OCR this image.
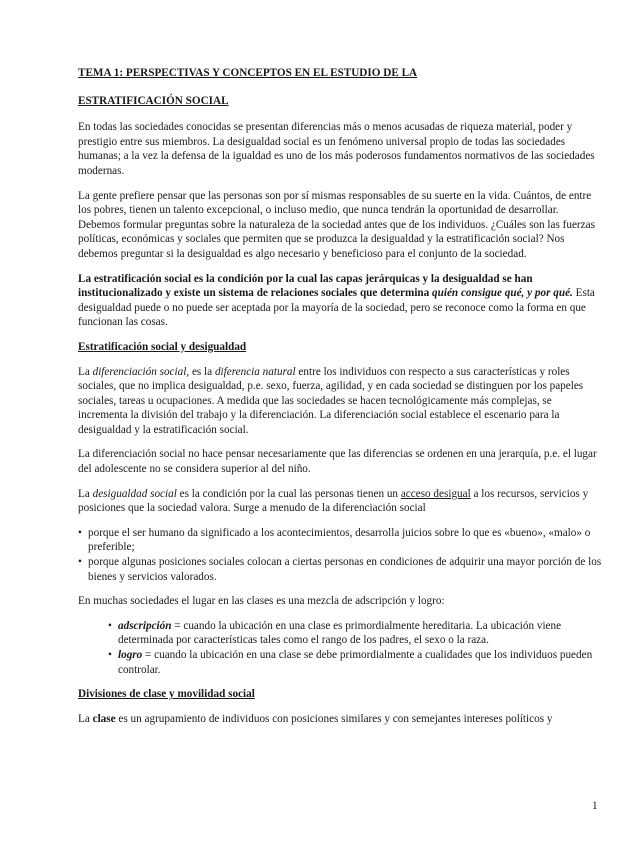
TEMA 1: PERSPECTIVAS Y CONCEPTOS EN EL ESTUDIO DE LA
ESTRATIFICACIÓN SOCIAL

En todas las sociedades conocidas se presentan diferencias más o menos acusadas de riqueza material, poder y prestigio entre sus miembros. La desigualdad social es un fenómeno universal propio de todas las sociedades humanas; a la vez la defensa de la igualdad es uno de los más poderosos fundamentos normativos de las sociedades modernas.

La gente prefiere pensar que las personas son por sí mismas responsables de su suerte en la vida. Cuántos, de entre los pobres, tienen un talento excepcional, o incluso medio, que nunca tendrán la oportunidad de desarrollar. Debemos formular preguntas sobre la naturaleza de la sociedad antes que de los individuos. ¿Cuáles son las fuerzas políticas, económicas y sociales que permiten que se produzca la desigualdad y la estratificación social? Nos debemos preguntar si la desigualdad es algo necesario y beneficioso para el conjunto de la sociedad.

La estratificación social es la condición por la cual las capas jerárquicas y la desigualdad se han institucionalizado y existe un sistema de relaciones sociales que determina quién consigue qué, y por qué. Esta desigualdad puede o no puede ser aceptada por la mayoría de la sociedad, pero se reconoce como la forma en que funcionan las cosas.

Estratificación social y desigualdad

La diferenciación social, es la diferencia natural entre los individuos con respecto a sus características y roles sociales, que no implica desigualdad, p.e. sexo, fuerza, agilidad, y en cada sociedad se distinguen por los papeles sociales, tareas u ocupaciones. A medida que las sociedades se hacen tecnológicamente más complejas, se incrementa la división del trabajo y la diferenciación. La diferenciación social establece el escenario para la desigualdad y la estratificación social.

La diferenciación social no hace pensar necesariamente que las diferencias se ordenen en una jerarquía, p.e. el lugar del adolescente no se considera superior al del niño.

La desigualdad social es la condición por la cual las personas tienen un acceso desigual a los recursos, servicios y posiciones que la sociedad valora. Surge a menudo de la diferenciación social

• porque el ser humano da significado a los acontecimientos, desarrolla juicios sobre lo que es «bueno», «malo» o preferible;
• porque algunas posiciones sociales colocan a ciertas personas en condiciones de adquirir una mayor porción de los bienes y servicios valorados.

En muchas sociedades el lugar en las clases es una mezcla de adscripción y logro:

• adscripción = cuando la ubicación en una clase es primordialmente hereditaria. La ubicación viene determinada por características tales como el rango de los padres, el sexo o la raza.
• logro = cuando la ubicación en una clase se debe primordialmente a cualidades que los individuos pueden controlar.

Divisiones de clase y movilidad social

La clase es un agrupamiento de individuos con posiciones similares y con semejantes intereses políticos y

1
